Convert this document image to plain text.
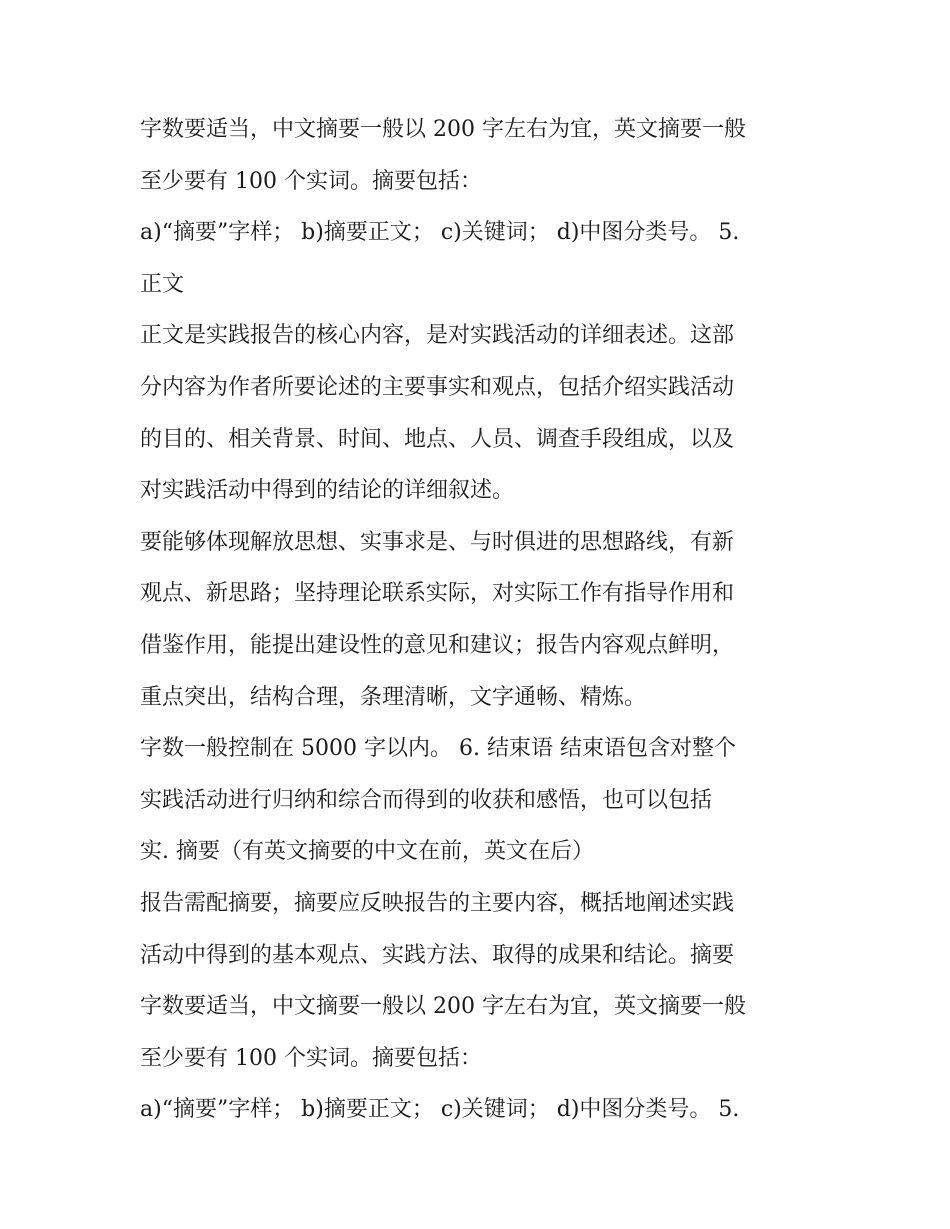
字数要适当，中文摘要一般以 200 字左右为宜，英文摘要一般
至少要有 100 个实词。摘要包括：
a)“摘要”字样； b)摘要正文； c)关键词； d)中图分类号。 5.
正文
正文是实践报告的核心内容，是对实践活动的详细表述。这部
分内容为作者所要论述的主要事实和观点，包括介绍实践活动
的目的、相关背景、时间、地点、人员、调查手段组成，以及
对实践活动中得到的结论的详细叙述。
要能够体现解放思想、实事求是、与时俱进的思想路线，有新
观点、新思路；坚持理论联系实际，对实际工作有指导作用和
借鉴作用，能提出建设性的意见和建议；报告内容观点鲜明，
重点突出，结构合理，条理清晰，文字通畅、精炼。
字数一般控制在 5000 字以内。 6. 结束语 结束语包含对整个
实践活动进行归纳和综合而得到的收获和感悟，也可以包括
实. 摘要（有英文摘要的中文在前，英文在后）
报告需配摘要，摘要应反映报告的主要内容，概括地阐述实践
活动中得到的基本观点、实践方法、取得的成果和结论。摘要
字数要适当，中文摘要一般以 200 字左右为宜，英文摘要一般
至少要有 100 个实词。摘要包括：
a)“摘要”字样； b)摘要正文； c)关键词； d)中图分类号。 5.
